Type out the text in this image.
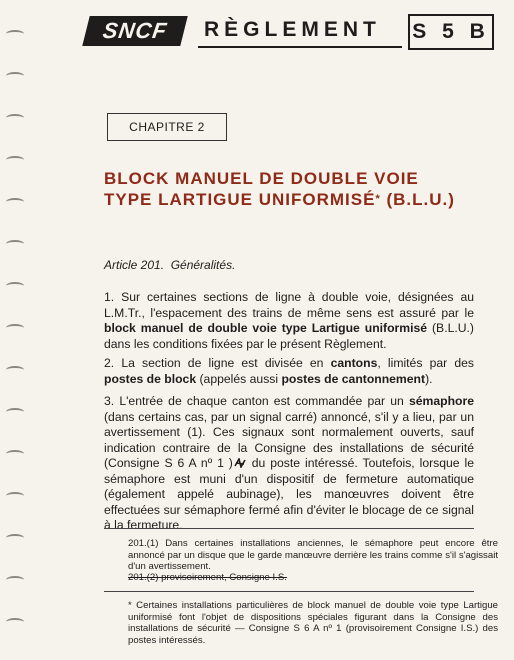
SNCF RÈGLEMENT S 5 B
CHAPITRE 2
BLOCK MANUEL DE DOUBLE VOIE
TYPE LARTIGUE UNIFORMISÉ* (B.L.U.)
Article 201. Généralités.

1. Sur certaines sections de ligne à double voie, désignées au L.M.Tr., l'espacement des trains de même sens est assuré par le block manuel de double voie type Lartigue uniformisé (B.L.U.) dans les conditions fixées par le présent Règlement.

2. La section de ligne est divisée en cantons, limités par des postes de block (appelés aussi postes de cantonnement).

3. L'entrée de chaque canton est commandée par un sémaphore (dans certains cas, par un signal carré) annoncé, s'il y a lieu, par un avertissement (1). Ces signaux sont normalement ouverts, sauf indication contraire de la Consigne des installations de sécurité (Consigne S 6 A nº 1 ) du poste intéressé. Toutefois, lorsque le sémaphore est muni d'un dispositif de fermeture automatique (également appelé aubinage), les manœuvres doivent être effectuées sur sémaphore fermé afin d'éviter le blocage de ce signal à la fermeture.

201.(1) Dans certaines installations anciennes, le sémaphore peut encore être annoncé par un disque que le garde manœuvre derrière les trains comme s'il s'agissait d'un avertissement.

201.(2) provisoirement, Consigne I.S.

* Certaines installations particulières de block manuel de double voie type Lartigue uniformisé font l'objet de dispositions spéciales figurant dans la Consigne des installations de sécurité — Consigne S 6 A nº 1 (provisoirement Consigne I.S.) des postes intéressés.
